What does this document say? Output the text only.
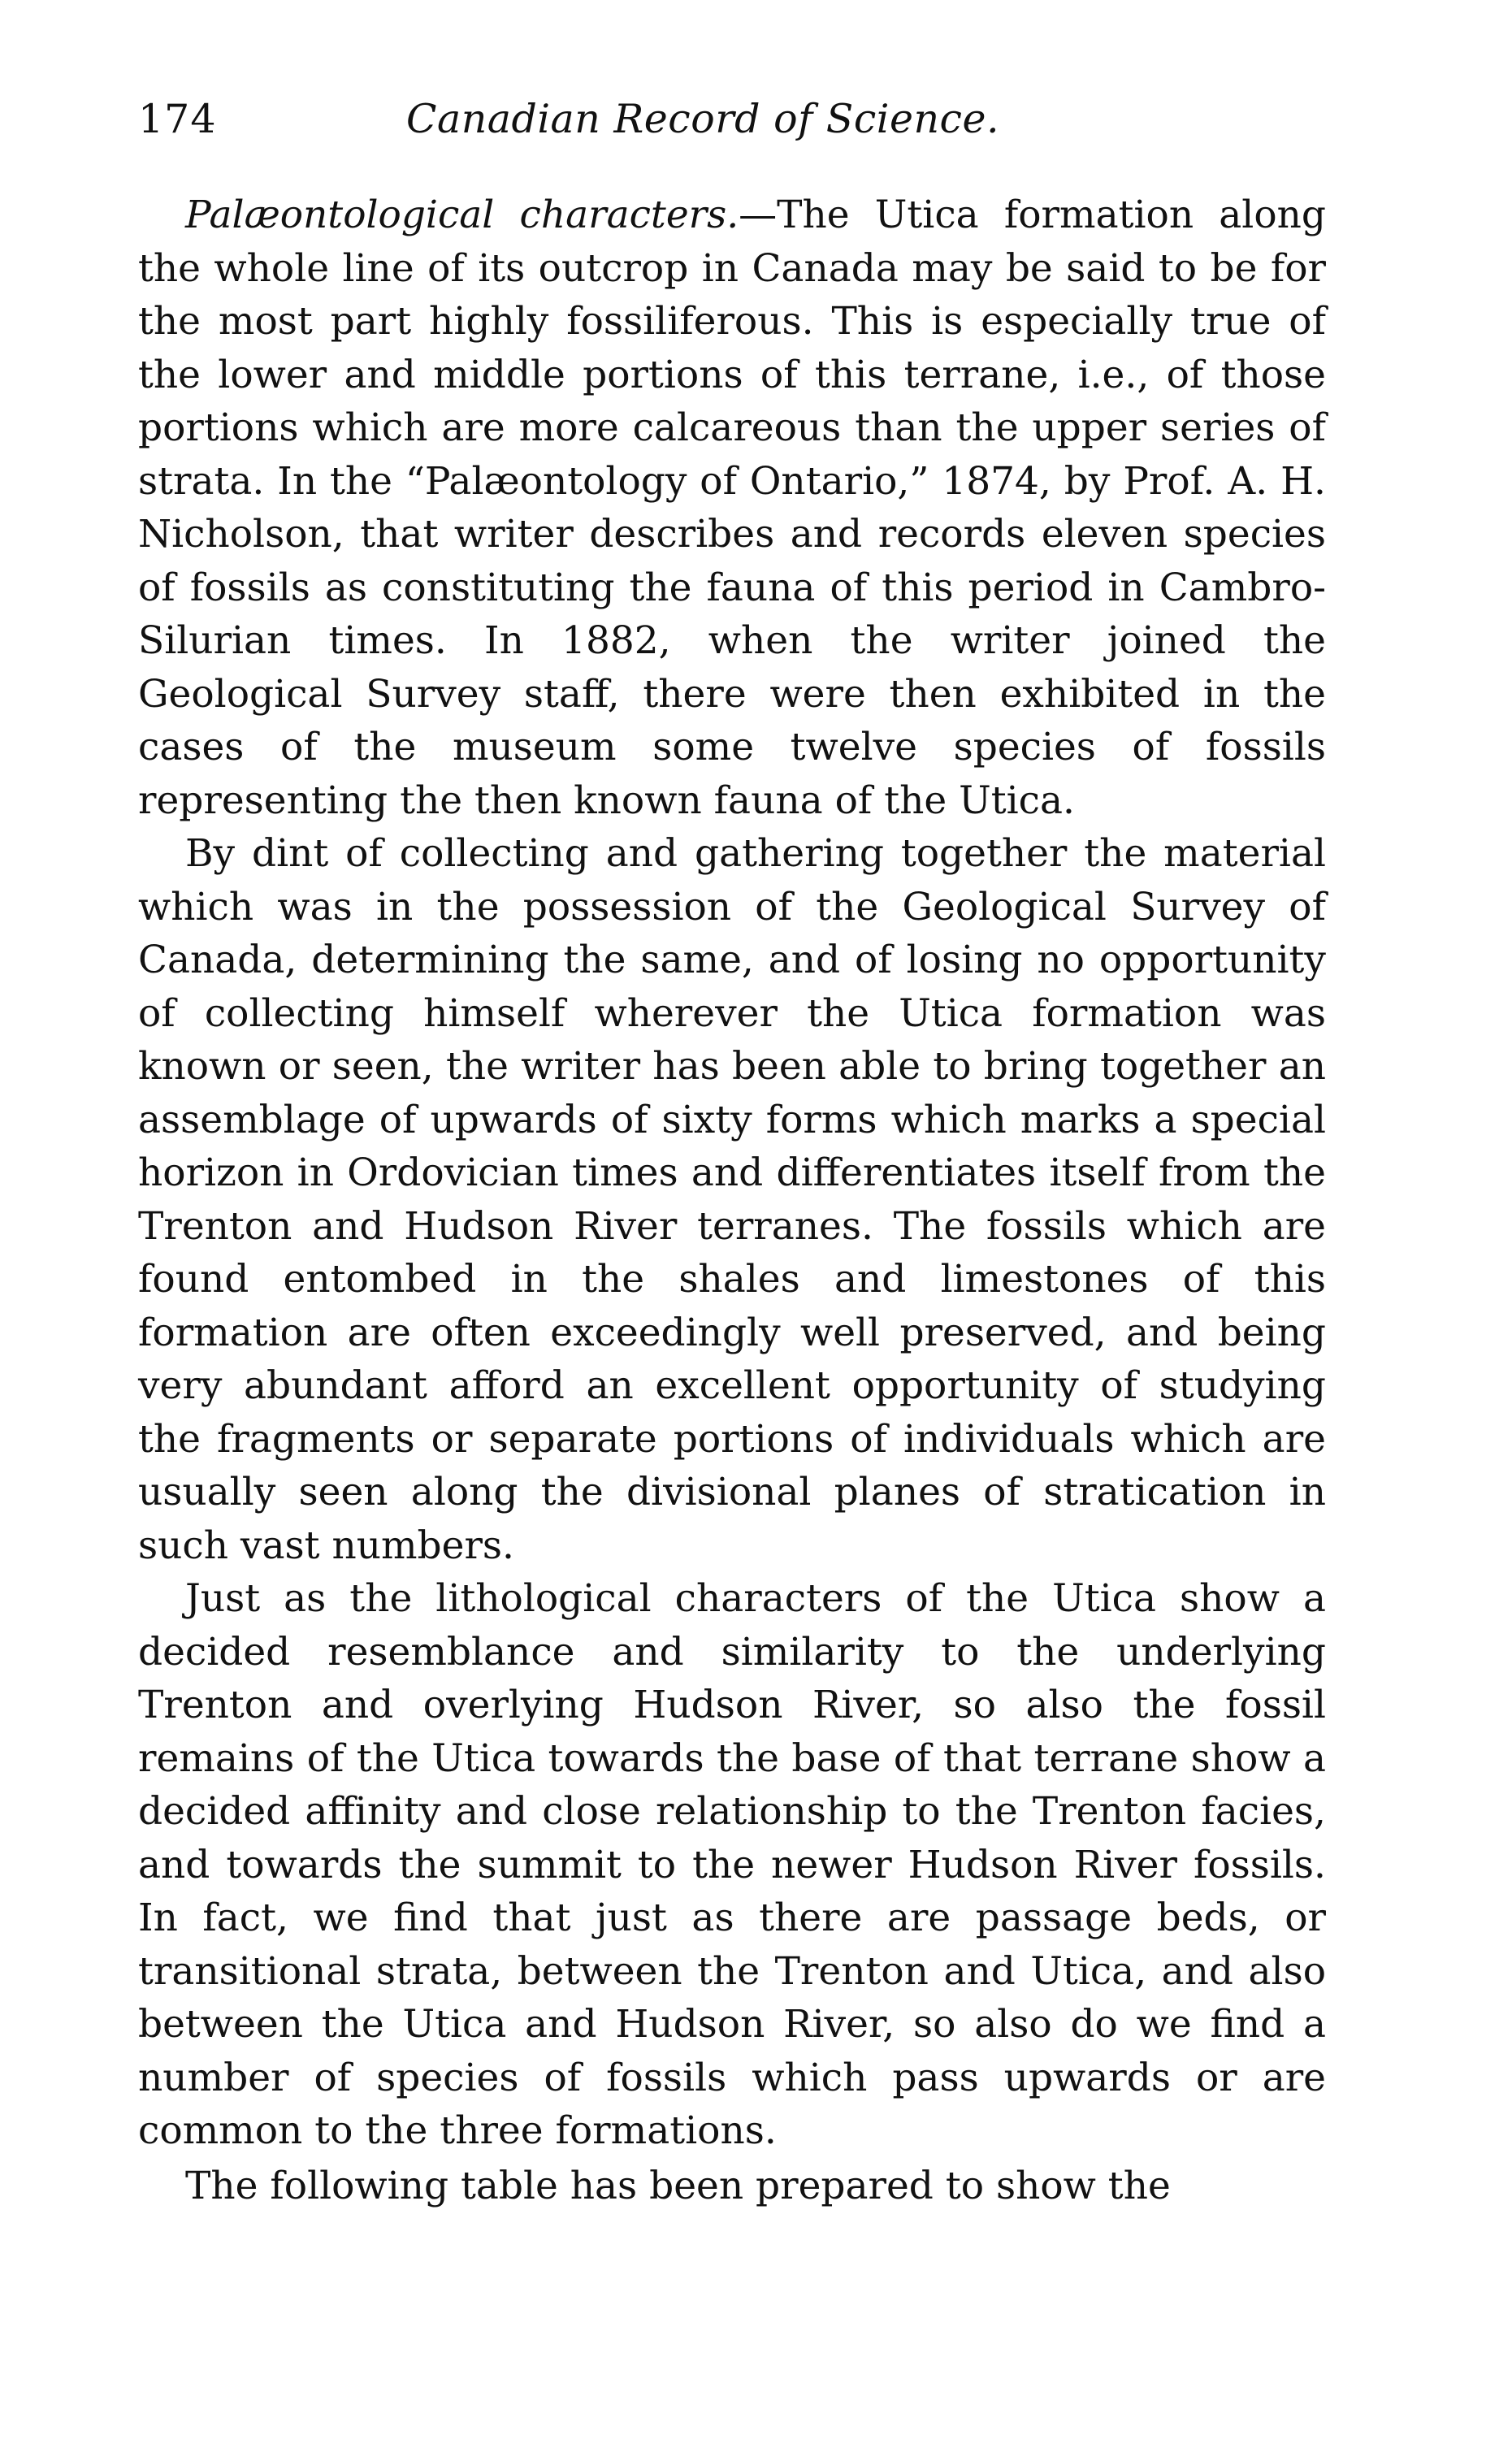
174	Canadian Record of Science.

Palæontological characters.—The Utica formation along the whole line of its outcrop in Canada may be said to be for the most part highly fossiliferous. This is especially true of the lower and middle portions of this terrane, i.e., of those portions which are more calcareous than the upper series of strata. In the “Palæontology of Ontario,” 1874, by Prof. A. H. Nicholson, that writer describes and records eleven species of fossils as constituting the fauna of this period in Cambro-Silurian times. In 1882, when the writer joined the Geological Survey staff, there were then exhibited in the cases of the museum some twelve species of fossils representing the then known fauna of the Utica.

By dint of collecting and gathering together the material which was in the possession of the Geological Survey of Canada, determining the same, and of losing no opportunity of collecting himself wherever the Utica formation was known or seen, the writer has been able to bring together an assemblage of upwards of sixty forms which marks a special horizon in Ordovician times and differentiates itself from the Trenton and Hudson River terranes. The fossils which are found entombed in the shales and limestones of this formation are often exceedingly well preserved, and being very abundant afford an excellent opportunity of studying the fragments or separate portions of individuals which are usually seen along the divisional planes of stratication in such vast numbers.

Just as the lithological characters of the Utica show a decided resemblance and similarity to the underlying Trenton and overlying Hudson River, so also the fossil remains of the Utica towards the base of that terrane show a decided affinity and close relationship to the Trenton facies, and towards the summit to the newer Hudson River fossils. In fact, we find that just as there are passage beds, or transitional strata, between the Trenton and Utica, and also between the Utica and Hudson River, so also do we find a number of species of fossils which pass upwards or are common to the three formations.

The following table has been prepared to show the
